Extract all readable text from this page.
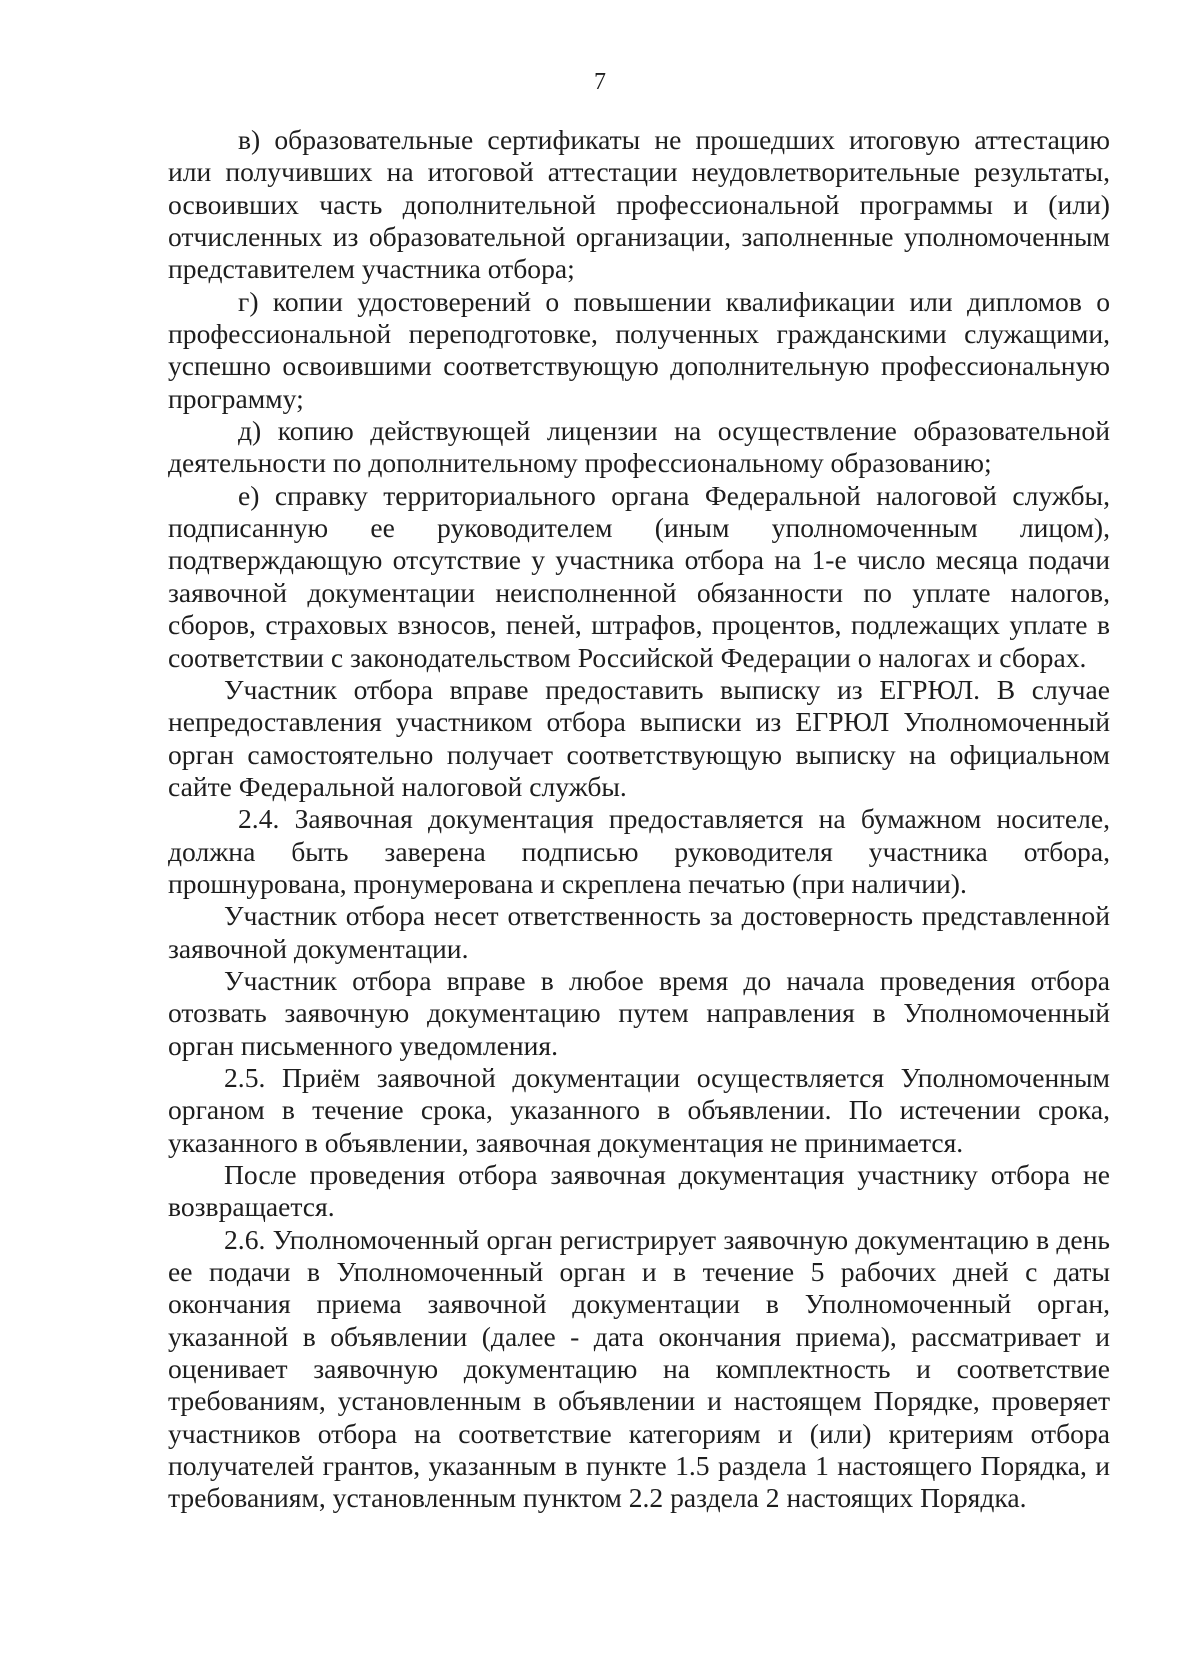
7

в) образовательные сертификаты не прошедших итоговую аттестацию или получивших на итоговой аттестации неудовлетворительные результаты, освоивших часть дополнительной профессиональной программы и (или) отчисленных из образовательной организации, заполненные уполномоченным представителем участника отбора;

г) копии удостоверений о повышении квалификации или дипломов о профессиональной переподготовке, полученных гражданскими служащими, успешно освоившими соответствующую дополнительную профессиональную программу;

д) копию действующей лицензии на осуществление образовательной деятельности по дополнительному профессиональному образованию;

е) справку территориального органа Федеральной налоговой службы, подписанную ее руководителем (иным уполномоченным лицом), подтверждающую отсутствие у участника отбора на 1-е число месяца подачи заявочной документации неисполненной обязанности по уплате налогов, сборов, страховых взносов, пеней, штрафов, процентов, подлежащих уплате в соответствии с законодательством Российской Федерации о налогах и сборах.

Участник отбора вправе предоставить выписку из ЕГРЮЛ. В случае непредоставления участником отбора выписки из ЕГРЮЛ Уполномоченный орган самостоятельно получает соответствующую выписку на официальном сайте Федеральной налоговой службы.

2.4. Заявочная документация предоставляется на бумажном носителе, должна быть заверена подписью руководителя участника отбора, прошнурована, пронумерована и скреплена печатью (при наличии).

Участник отбора несет ответственность за достоверность представленной заявочной документации.

Участник отбора вправе в любое время до начала проведения отбора отозвать заявочную документацию путем направления в Уполномоченный орган письменного уведомления.

2.5. Приём заявочной документации осуществляется Уполномоченным органом в течение срока, указанного в объявлении. По истечении срока, указанного в объявлении, заявочная документация не принимается.

После проведения отбора заявочная документация участнику отбора не возвращается.

2.6. Уполномоченный орган регистрирует заявочную документацию в день ее подачи в Уполномоченный орган и в течение 5 рабочих дней с даты окончания приема заявочной документации в Уполномоченный орган, указанной в объявлении (далее - дата окончания приема), рассматривает и оценивает заявочную документацию на комплектность и соответствие требованиям, установленным в объявлении и настоящем Порядке, проверяет участников отбора на соответствие категориям и (или) критериям отбора получателей грантов, указанным в пункте 1.5 раздела 1 настоящего Порядка, и требованиям, установленным пунктом 2.2 раздела 2 настоящих Порядка.
